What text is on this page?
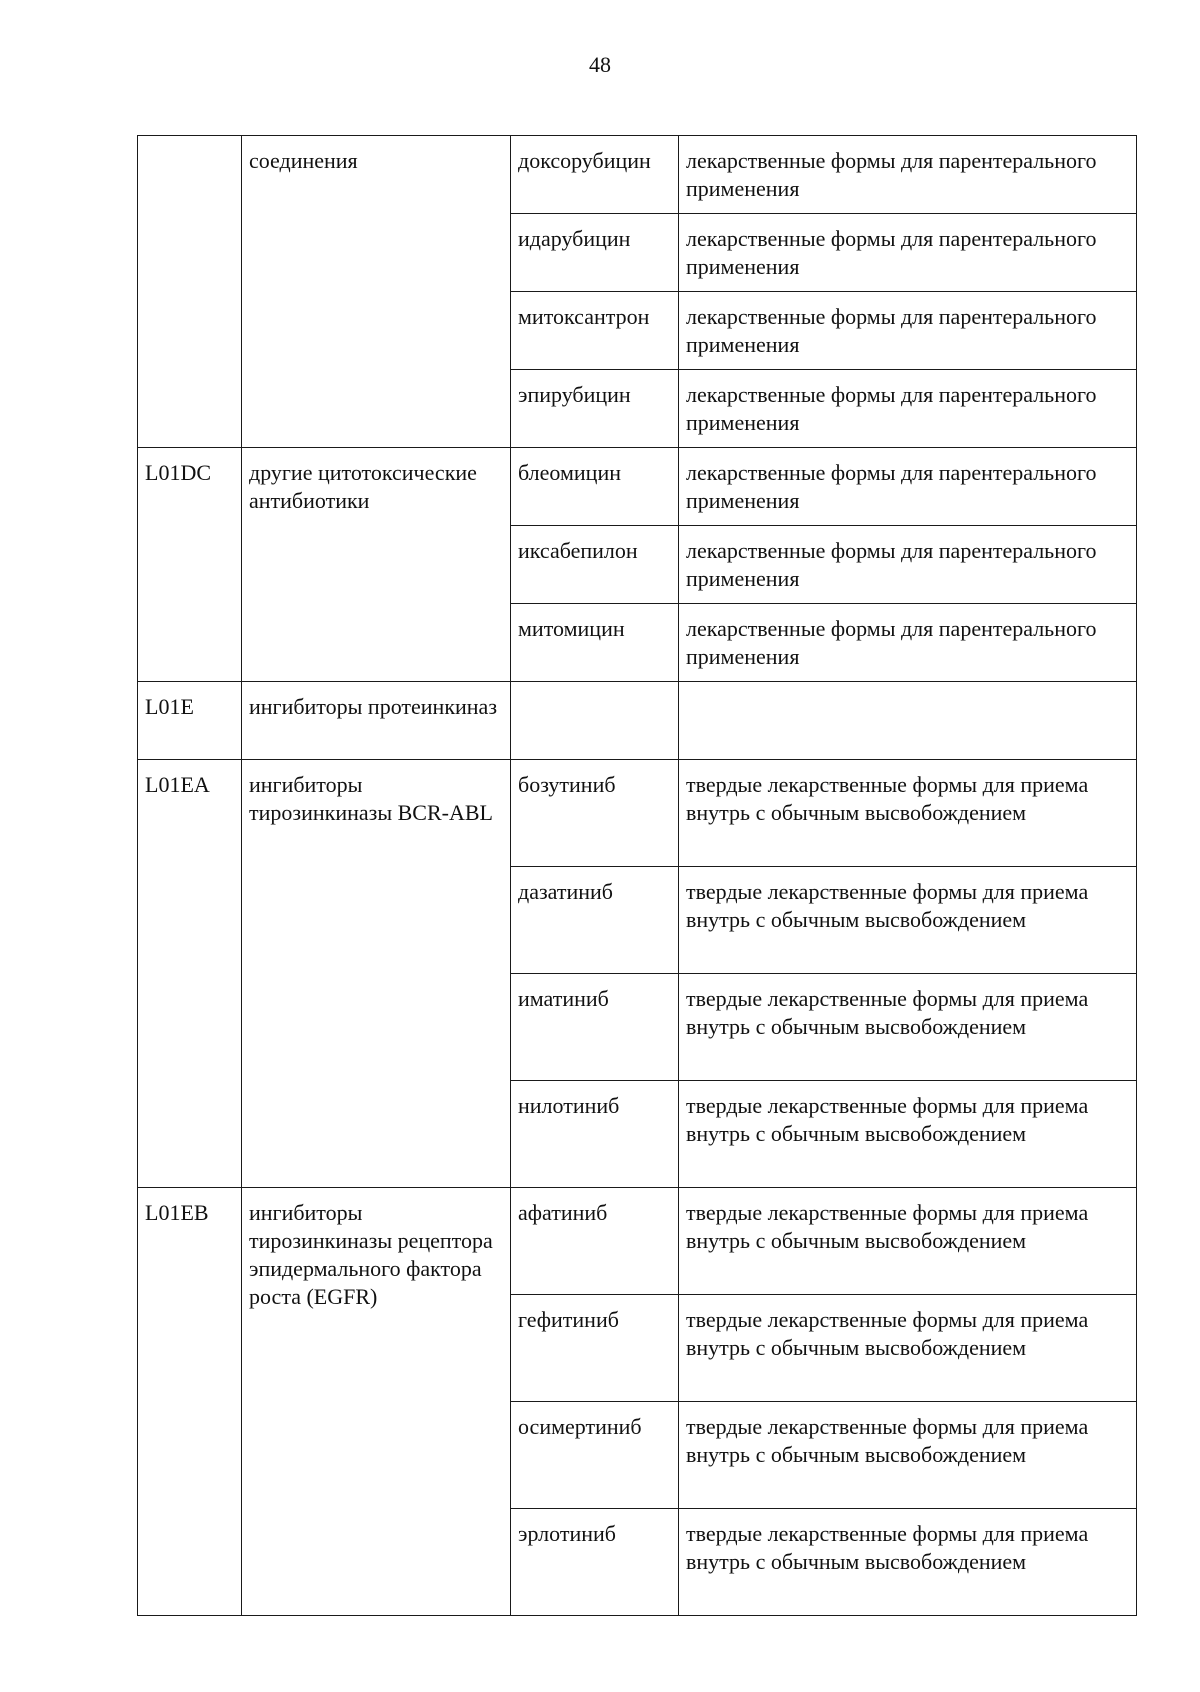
48
	соединения	доксорубицин	лекарственные формы для парентерального применения
		идарубицин	лекарственные формы для парентерального применения
		митоксантрон	лекарственные формы для парентерального применения
		эпирубицин	лекарственные формы для парентерального применения
L01DC	другие цитотоксические антибиотики	блеомицин	лекарственные формы для парентерального применения
		иксабепилон	лекарственные формы для парентерального применения
		митомицин	лекарственные формы для парентерального применения
L01E	ингибиторы протеинкиназ		
L01EA	ингибиторы тирозинкиназы BCR-ABL	бозутиниб	твердые лекарственные формы для приема внутрь с обычным высвобождением
		дазатиниб	твердые лекарственные формы для приема внутрь с обычным высвобождением
		иматиниб	твердые лекарственные формы для приема внутрь с обычным высвобождением
		нилотиниб	твердые лекарственные формы для приема внутрь с обычным высвобождением
L01EB	ингибиторы тирозинкиназы рецептора эпидермального фактора роста (EGFR)	афатиниб	твердые лекарственные формы для приема внутрь с обычным высвобождением
		гефитиниб	твердые лекарственные формы для приема внутрь с обычным высвобождением
		осимертиниб	твердые лекарственные формы для приема внутрь с обычным высвобождением
		эрлотиниб	твердые лекарственные формы для приема внутрь с обычным высвобождением
